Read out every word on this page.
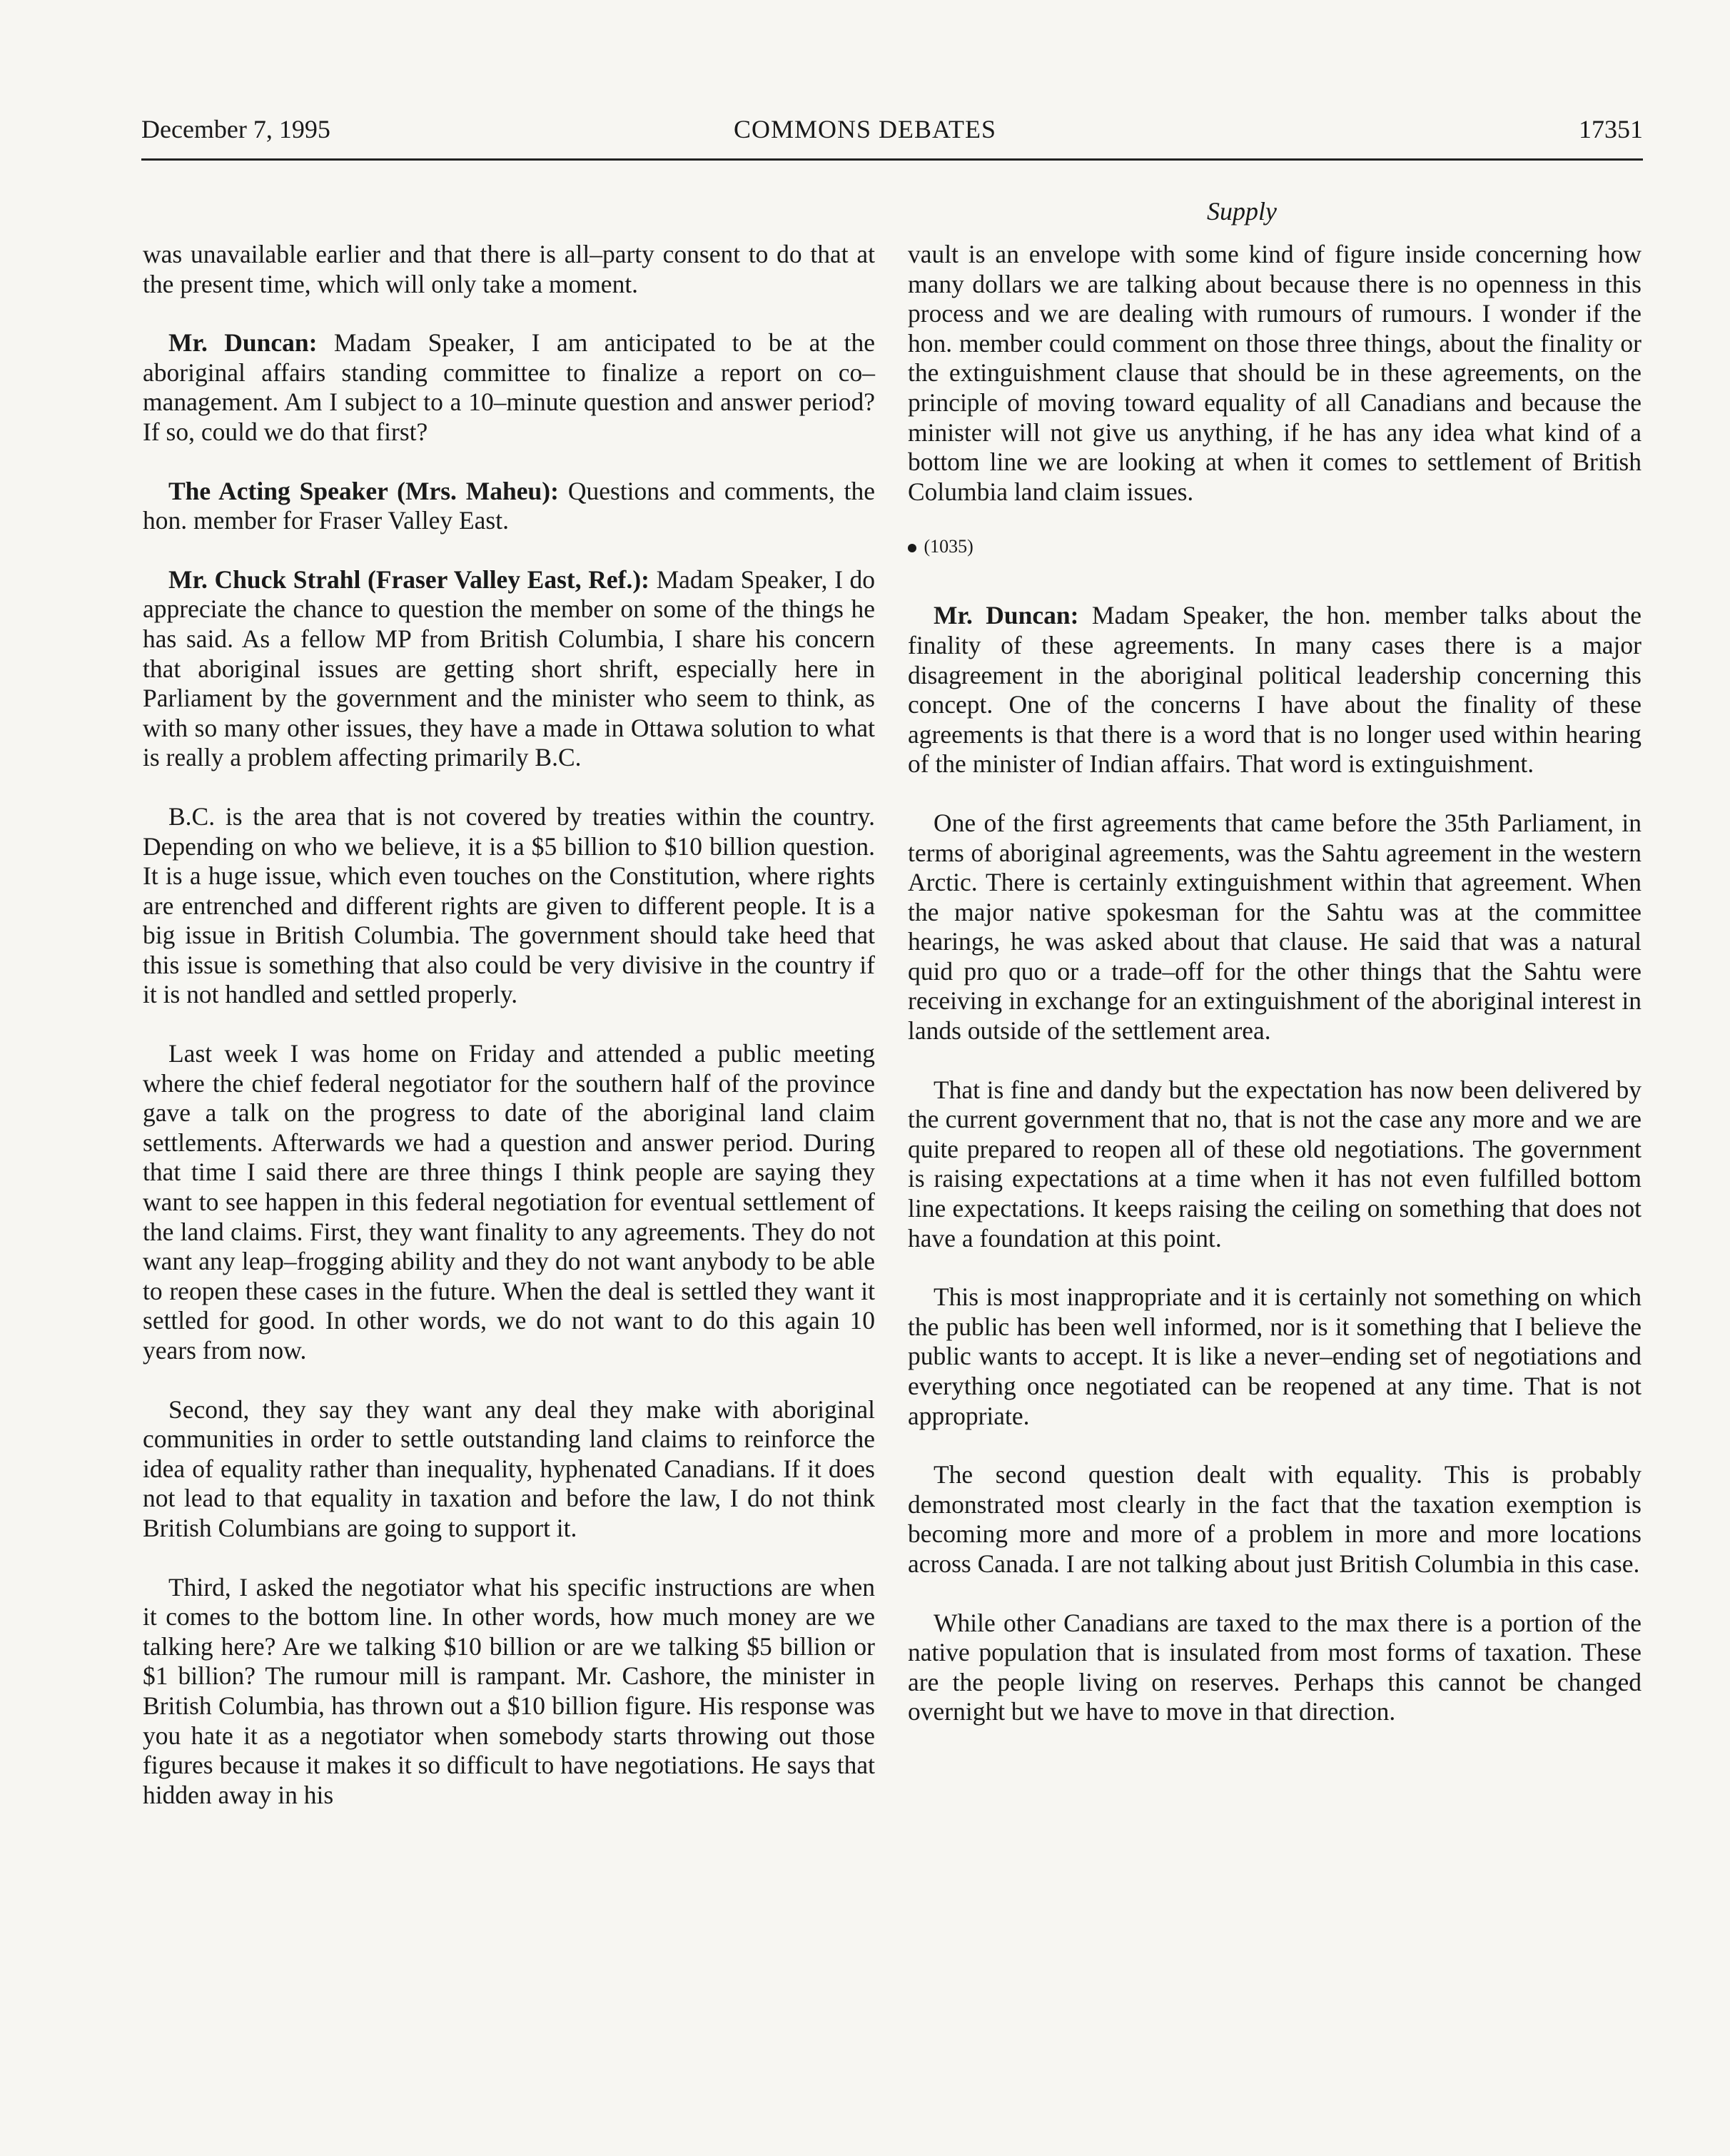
December 7, 1995	COMMONS DEBATES	17351
Supply

was unavailable earlier and that there is all–party consent to do that at the present time, which will only take a moment.

Mr. Duncan: Madam Speaker, I am anticipated to be at the aboriginal affairs standing committee to finalize a report on co–management. Am I subject to a 10–minute question and answer period? If so, could we do that first?

The Acting Speaker (Mrs. Maheu): Questions and comments, the hon. member for Fraser Valley East.

Mr. Chuck Strahl (Fraser Valley East, Ref.): Madam Speaker, I do appreciate the chance to question the member on some of the things he has said. As a fellow MP from British Columbia, I share his concern that aboriginal issues are getting short shrift, especially here in Parliament by the government and the minister who seem to think, as with so many other issues, they have a made in Ottawa solution to what is really a problem affecting primarily B.C.

B.C. is the area that is not covered by treaties within the country. Depending on who we believe, it is a $5 billion to $10 billion question. It is a huge issue, which even touches on the Constitution, where rights are entrenched and different rights are given to different people. It is a big issue in British Columbia. The government should take heed that this issue is something that also could be very divisive in the country if it is not handled and settled properly.

Last week I was home on Friday and attended a public meeting where the chief federal negotiator for the southern half of the province gave a talk on the progress to date of the aboriginal land claim settlements. Afterwards we had a question and answer period. During that time I said there are three things I think people are saying they want to see happen in this federal negotiation for eventual settlement of the land claims. First, they want finality to any agreements. They do not want any leap–frogging ability and they do not want anybody to be able to reopen these cases in the future. When the deal is settled they want it settled for good. In other words, we do not want to do this again 10 years from now.

Second, they say they want any deal they make with aboriginal communities in order to settle outstanding land claims to reinforce the idea of equality rather than inequality, hyphenated Canadians. If it does not lead to that equality in taxation and before the law, I do not think British Columbians are going to support it.

Third, I asked the negotiator what his specific instructions are when it comes to the bottom line. In other words, how much money are we talking here? Are we talking $10 billion or are we talking $5 billion or $1 billion? The rumour mill is rampant. Mr. Cashore, the minister in British Columbia, has thrown out a $10 billion figure. His response was you hate it as a negotiator when somebody starts throwing out those figures because it makes it so difficult to have negotiations. He says that hidden away in his

vault is an envelope with some kind of figure inside concerning how many dollars we are talking about because there is no openness in this process and we are dealing with rumours of rumours. I wonder if the hon. member could comment on those three things, about the finality or the extinguishment clause that should be in these agreements, on the principle of moving toward equality of all Canadians and because the minister will not give us anything, if he has any idea what kind of a bottom line we are looking at when it comes to settlement of British Columbia land claim issues.

(1035)

Mr. Duncan: Madam Speaker, the hon. member talks about the finality of these agreements. In many cases there is a major disagreement in the aboriginal political leadership concerning this concept. One of the concerns I have about the finality of these agreements is that there is a word that is no longer used within hearing of the minister of Indian affairs. That word is extinguishment.

One of the first agreements that came before the 35th Parliament, in terms of aboriginal agreements, was the Sahtu agreement in the western Arctic. There is certainly extinguishment within that agreement. When the major native spokesman for the Sahtu was at the committee hearings, he was asked about that clause. He said that was a natural quid pro quo or a trade–off for the other things that the Sahtu were receiving in exchange for an extinguishment of the aboriginal interest in lands outside of the settlement area.

That is fine and dandy but the expectation has now been delivered by the current government that no, that is not the case any more and we are quite prepared to reopen all of these old negotiations. The government is raising expectations at a time when it has not even fulfilled bottom line expectations. It keeps raising the ceiling on something that does not have a foundation at this point.

This is most inappropriate and it is certainly not something on which the public has been well informed, nor is it something that I believe the public wants to accept. It is like a never–ending set of negotiations and everything once negotiated can be reopened at any time. That is not appropriate.

The second question dealt with equality. This is probably demonstrated most clearly in the fact that the taxation exemption is becoming more and more of a problem in more and more locations across Canada. I are not talking about just British Columbia in this case.

While other Canadians are taxed to the max there is a portion of the native population that is insulated from most forms of taxation. These are the people living on reserves. Perhaps this cannot be changed overnight but we have to move in that direction.
